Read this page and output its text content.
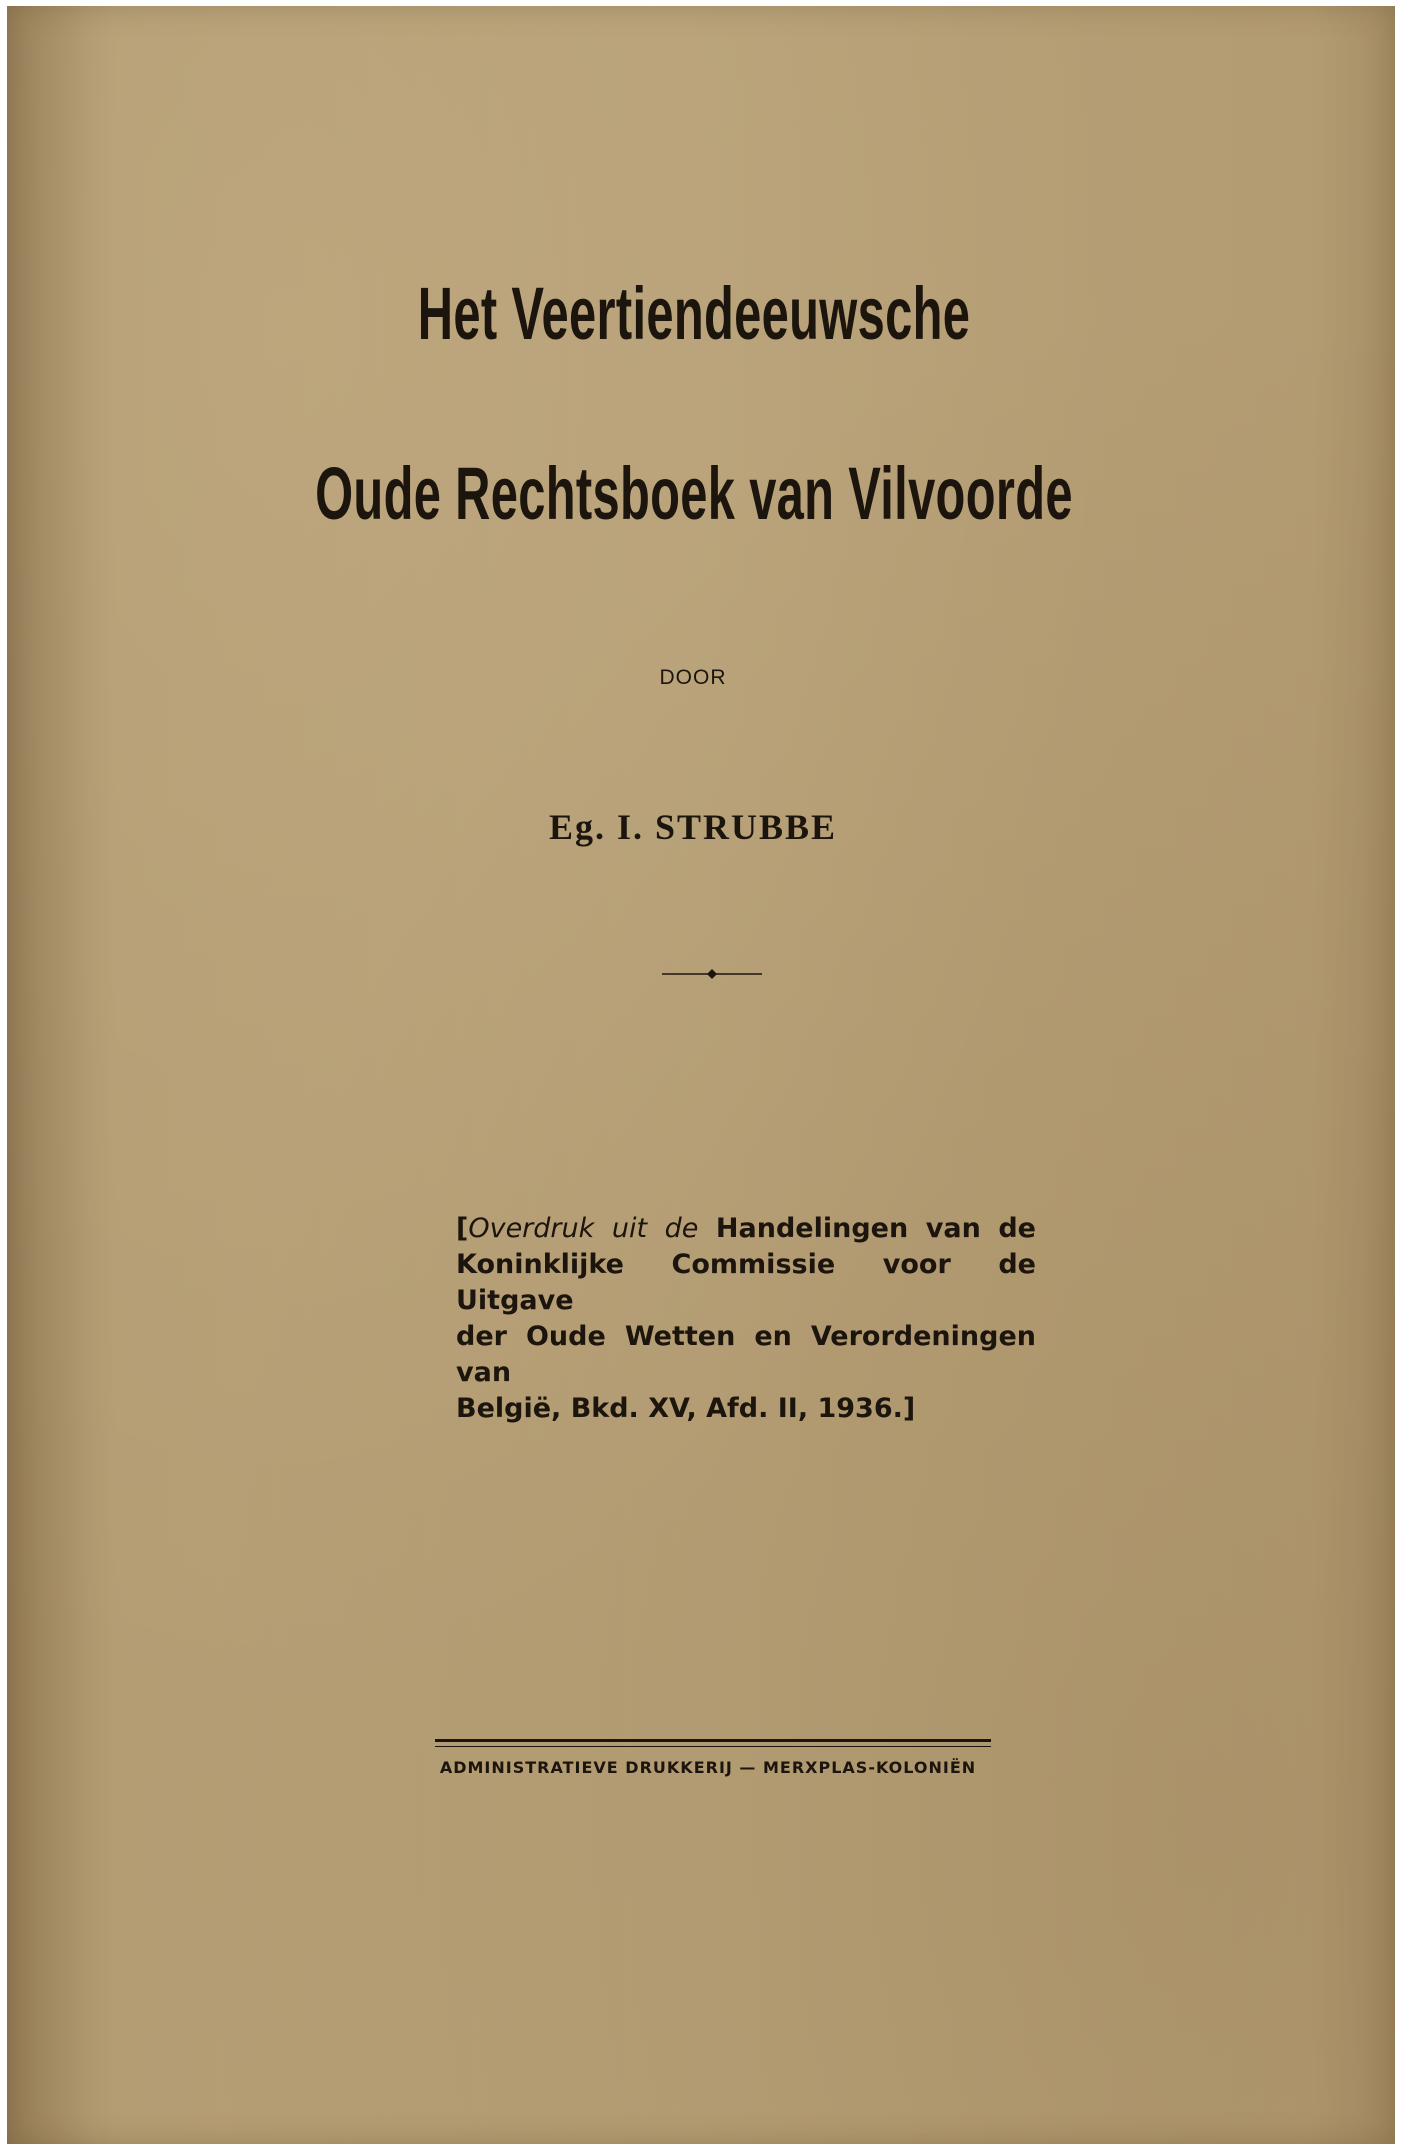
Het Veertiendeeuwsche
Oude Rechtsboek van Vilvoorde
DOOR
Eg. I. STRUBBE
[Overdruk uit de Handelingen van de
Koninklijke Commissie voor de Uitgave
der Oude Wetten en Verordeningen van
België, Bkd. XV, Afd. II, 1936.]
ADMINISTRATIEVE DRUKKERIJ — MERXPLAS-KOLONIËN
